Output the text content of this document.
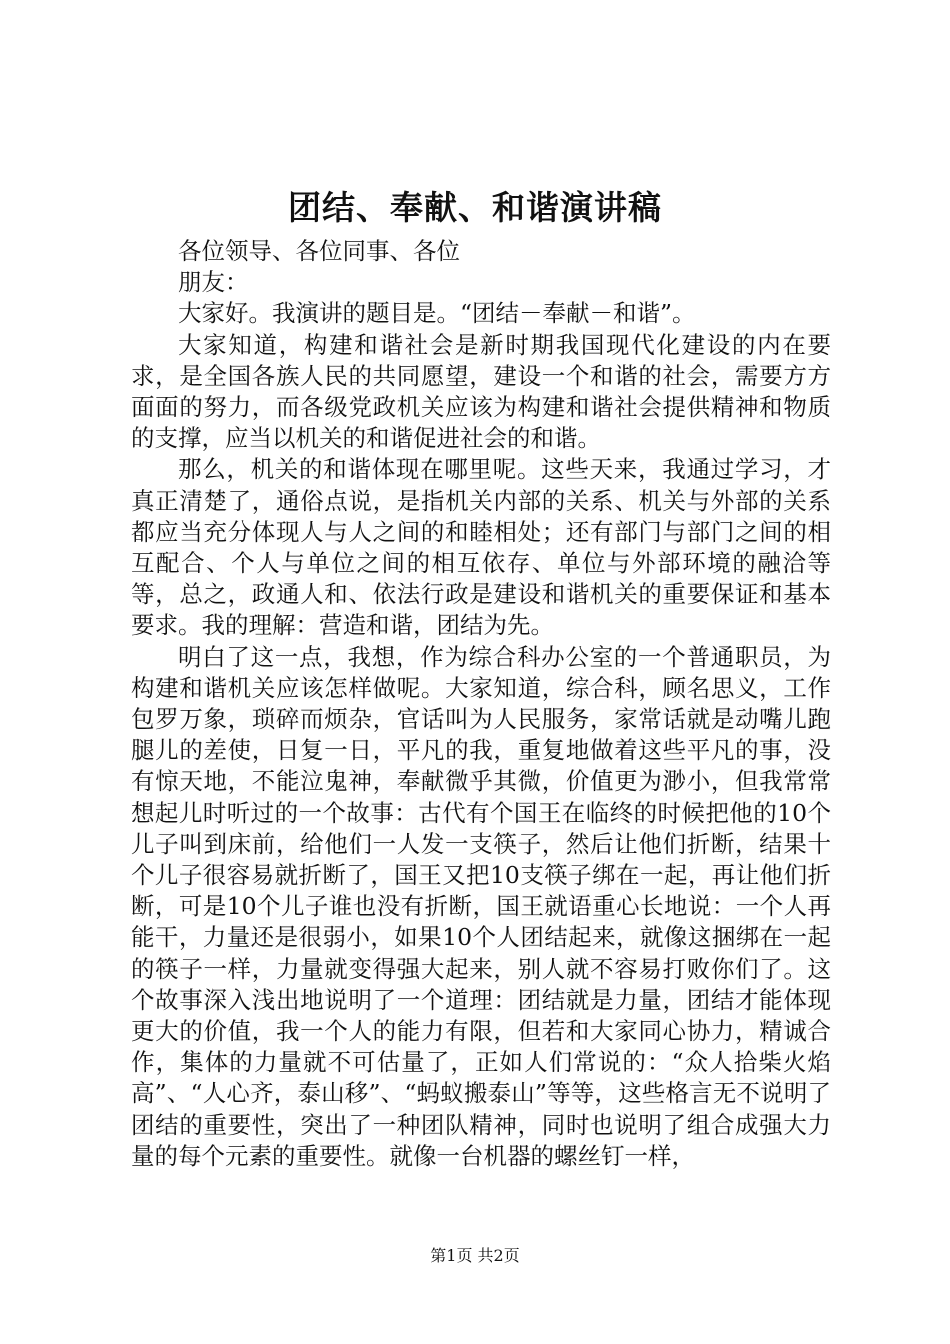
团结、奉献、和谐演讲稿
各位领导、各位同事、各位
朋友：

大家好。我演讲的题目是。“团结－奉献－和谐”。

大家知道，构建和谐社会是新时期我国现代化建设的内在要求，是全国各族人民的共同愿望，建设一个和谐的社会，需要方方面面的努力，而各级党政机关应该为构建和谐社会提供精神和物质的支撑，应当以机关的和谐促进社会的和谐。

那么，机关的和谐体现在哪里呢。这些天来，我通过学习，才真正清楚了，通俗点说，是指机关内部的关系、机关与外部的关系都应当充分体现人与人之间的和睦相处；还有部门与部门之间的相互配合、个人与单位之间的相互依存、单位与外部环境的融洽等等，总之，政通人和、依法行政是建设和谐机关的重要保证和基本要求。我的理解：营造和谐，团结为先。

明白了这一点，我想，作为综合科办公室的一个普通职员，为构建和谐机关应该怎样做呢。大家知道，综合科，顾名思义，工作包罗万象，琐碎而烦杂，官话叫为人民服务，家常话就是动嘴儿跑腿儿的差使，日复一日，平凡的我，重复地做着这些平凡的事，没有惊天地，不能泣鬼神，奉献微乎其微，价值更为渺小，但我常常想起儿时听过的一个故事：古代有个国王在临终的时候把他的10个儿子叫到床前，给他们一人发一支筷子，然后让他们折断，结果十个儿子很容易就折断了，国王又把10支筷子绑在一起，再让他们折断，可是10个儿子谁也没有折断，国王就语重心长地说：一个人再能干，力量还是很弱小，如果10个人团结起来，就像这捆绑在一起的筷子一样，力量就变得强大起来，别人就不容易打败你们了。这个故事深入浅出地说明了一个道理：团结就是力量，团结才能体现更大的价值，我一个人的能力有限，但若和大家同心协力，精诚合作，集体的力量就不可估量了，正如人们常说的：“众人拾柴火焰高”、“人心齐，泰山移”、“蚂蚁搬泰山”等等，这些格言无不说明了团结的重要性，突出了一种团队精神，同时也说明了组合成强大力量的每个元素的重要性。就像一台机器的螺丝钉一样，

第1页 共2页
